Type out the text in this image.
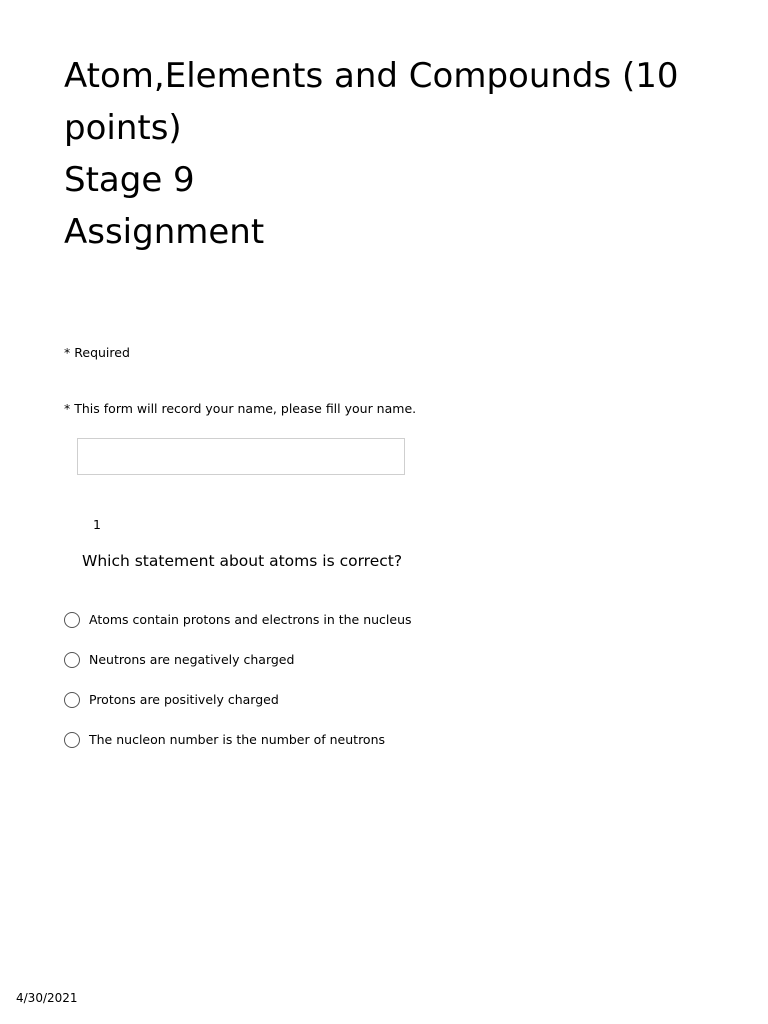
Atom,Elements and Compounds (10
points)
Stage 9
Assignment
* Required
* This form will record your name, please fill your name.
1
Which statement about atoms is correct?
Atoms contain protons and electrons in the nucleus
Neutrons are negatively charged
Protons are positively charged
The nucleon number is the number of neutrons
4/30/2021
